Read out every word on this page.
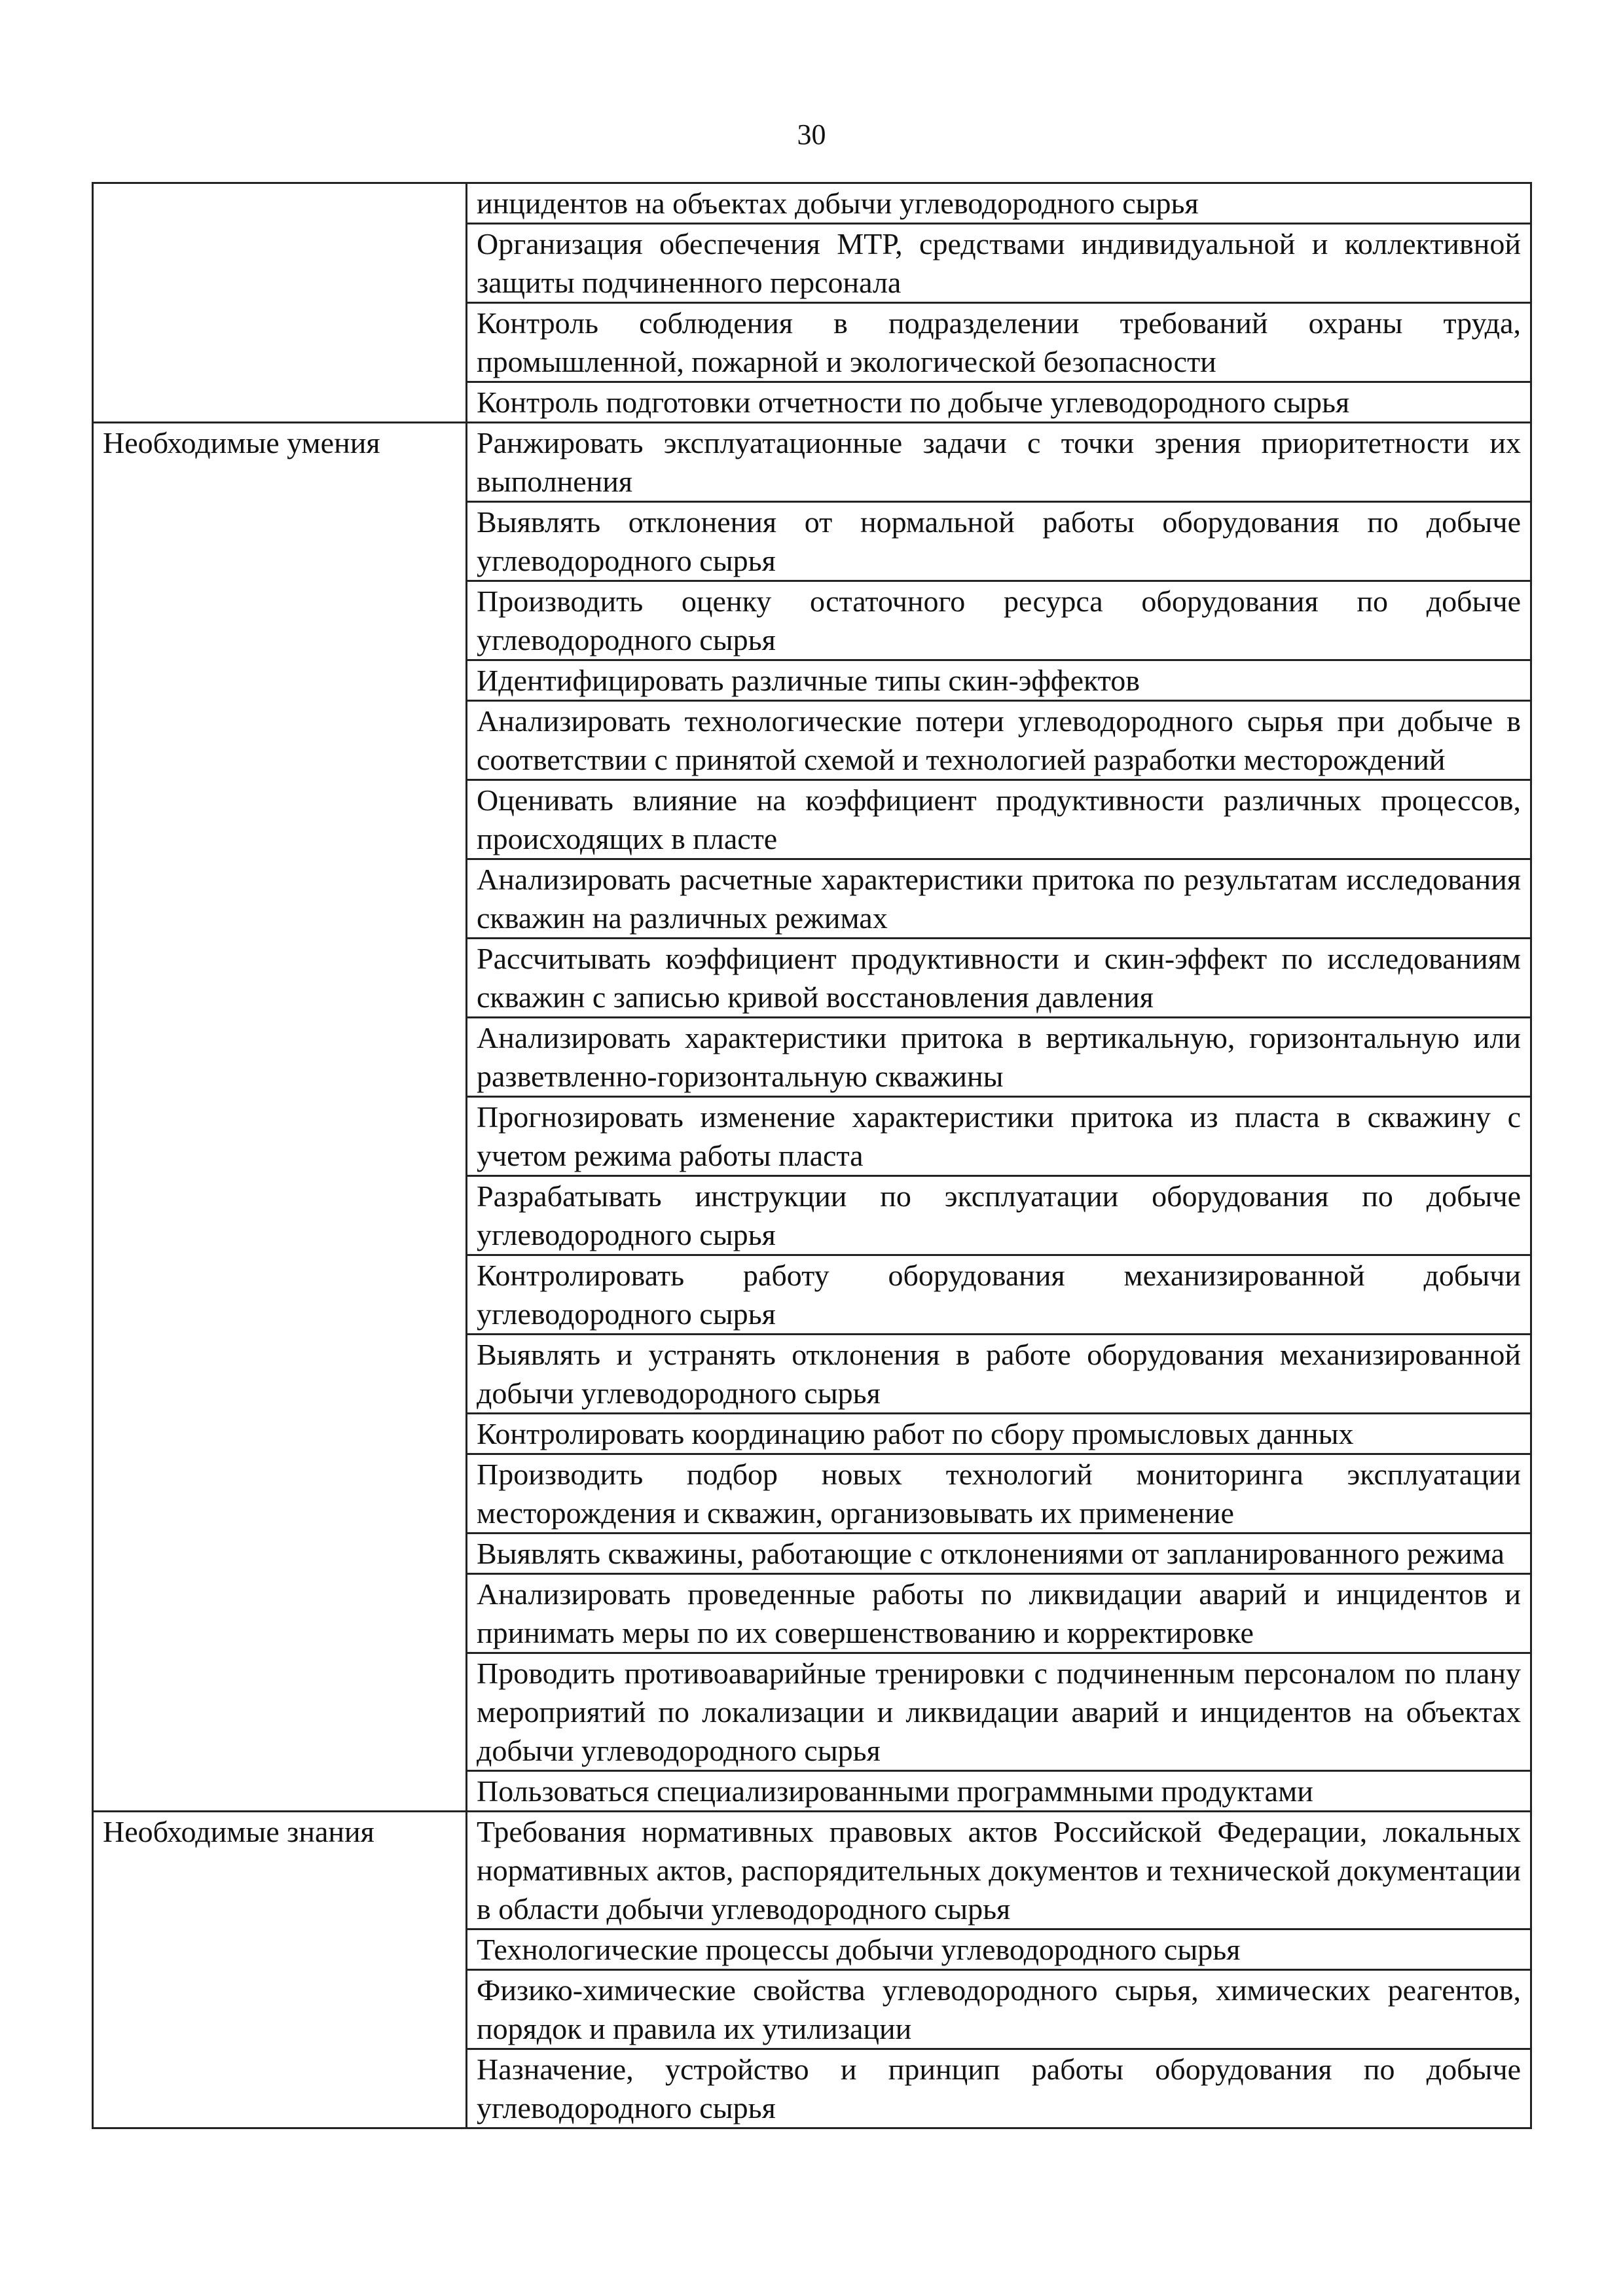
30
	инцидентов на объектах добычи углеводородного сырья
	Организация обеспечения МТР, средствами индивидуальной и коллективной защиты подчиненного персонала
	Контроль соблюдения в подразделении требований охраны труда, промышленной, пожарной и экологической безопасности
	Контроль подготовки отчетности по добыче углеводородного сырья
Необходимые умения	Ранжировать эксплуатационные задачи с точки зрения приоритетности их выполнения
	Выявлять отклонения от нормальной работы оборудования по добыче углеводородного сырья
	Производить оценку остаточного ресурса оборудования по добыче углеводородного сырья
	Идентифицировать различные типы скин-эффектов
	Анализировать технологические потери углеводородного сырья при добыче в соответствии с принятой схемой и технологией разработки месторождений
	Оценивать влияние на коэффициент продуктивности различных процессов, происходящих в пласте
	Анализировать расчетные характеристики притока по результатам исследования скважин на различных режимах
	Рассчитывать коэффициент продуктивности и скин-эффект по исследованиям скважин с записью кривой восстановления давления
	Анализировать характеристики притока в вертикальную, горизонтальную или разветвленно-горизонтальную скважины
	Прогнозировать изменение характеристики притока из пласта в скважину с учетом режима работы пласта
	Разрабатывать инструкции по эксплуатации оборудования по добыче углеводородного сырья
	Контролировать работу оборудования механизированной добычи углеводородного сырья
	Выявлять и устранять отклонения в работе оборудования механизированной добычи углеводородного сырья
	Контролировать координацию работ по сбору промысловых данных
	Производить подбор новых технологий мониторинга эксплуатации месторождения и скважин, организовывать их применение
	Выявлять скважины, работающие с отклонениями от запланированного режима
	Анализировать проведенные работы по ликвидации аварий и инцидентов и принимать меры по их совершенствованию и корректировке
	Проводить противоаварийные тренировки с подчиненным персоналом по плану мероприятий по локализации и ликвидации аварий и инцидентов на объектах добычи углеводородного сырья
	Пользоваться специализированными программными продуктами
Необходимые знания	Требования нормативных правовых актов Российской Федерации, локальных нормативных актов, распорядительных документов и технической документации в области добычи углеводородного сырья
	Технологические процессы добычи углеводородного сырья
	Физико-химические свойства углеводородного сырья, химических реагентов, порядок и правила их утилизации
	Назначение, устройство и принцип работы оборудования по добыче углеводородного сырья
